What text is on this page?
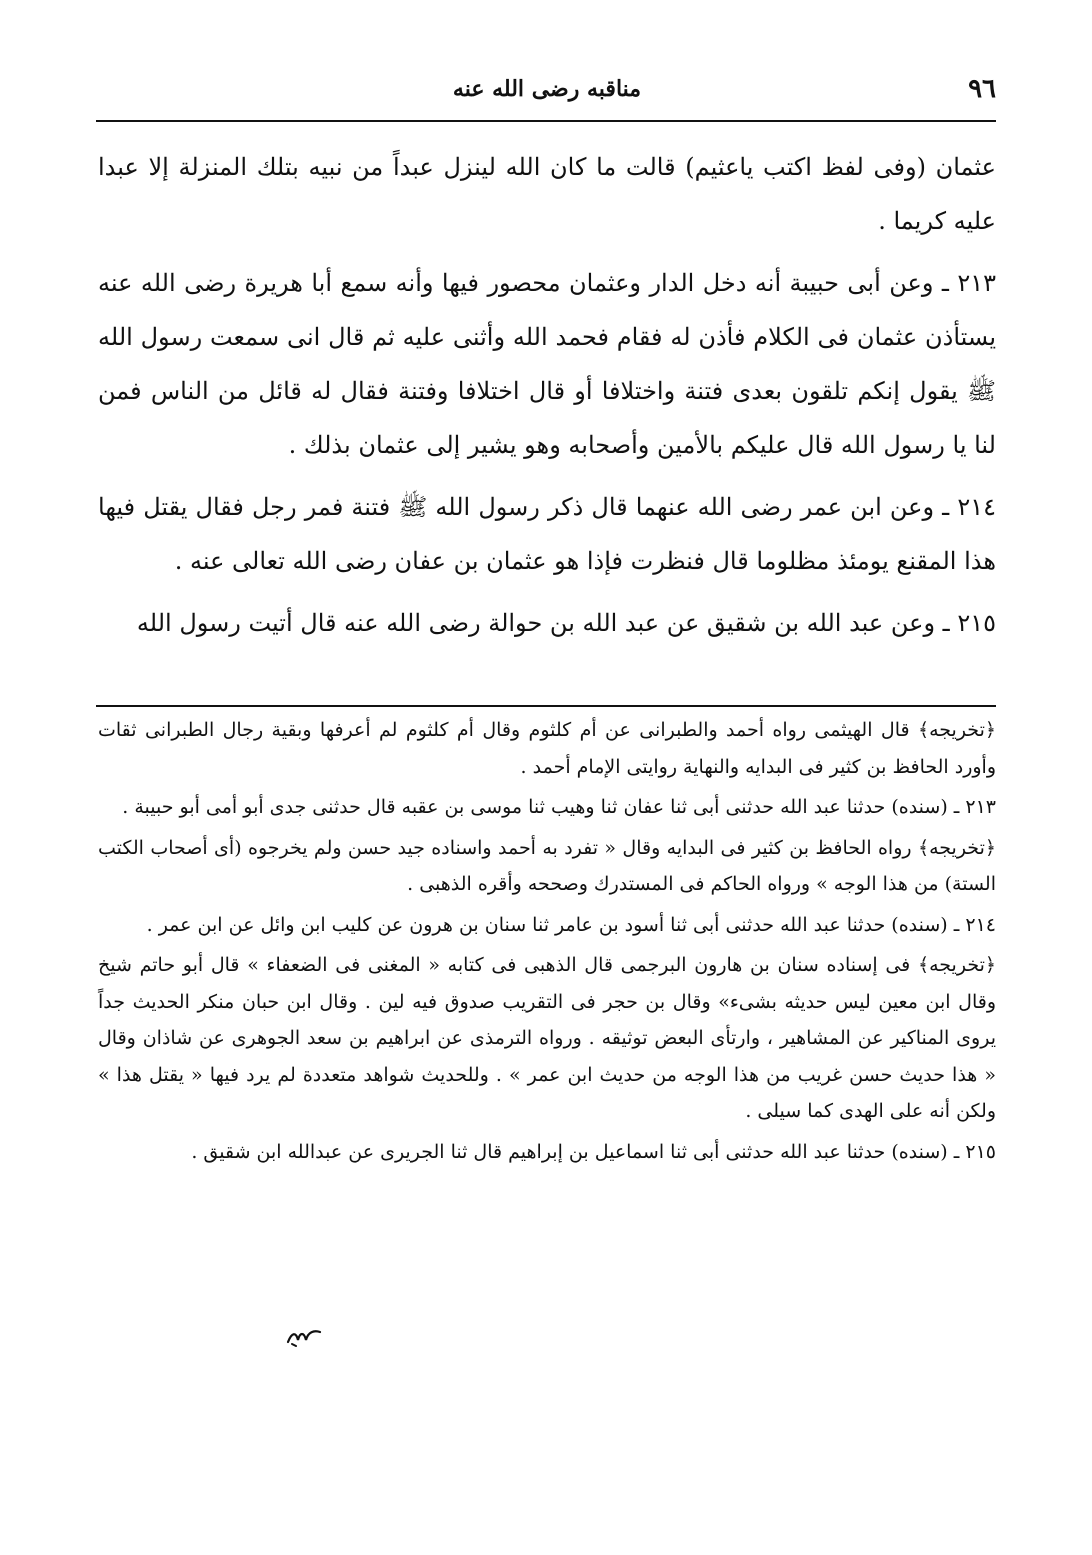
٩٦
مناقبه رضى الله عنه

عثمان (وفى لفظ اكتب ياعثيم) قالت ما كان الله لينزل عبداً من نبيه بتلك المنزلة إلا عبدا عليه كريما .

٢١٣ ـ وعن أبى حبيبة أنه دخل الدار وعثمان محصور فيها وأنه سمع أبا هريرة رضى الله عنه يستأذن عثمان فى الكلام فأذن له فقام فحمد الله وأثنى عليه ثم قال انى سمعت رسول الله ﷺ يقول إنكم تلقون بعدى فتنة واختلافا أو قال اختلافا وفتنة فقال له قائل من الناس فمن لنا يا رسول الله قال عليكم بالأمين وأصحابه وهو يشير إلى عثمان بذلك .

٢١٤ ـ وعن ابن عمر رضى الله عنهما قال ذكر رسول الله ﷺ فتنة فمر رجل فقال يقتل فيها هذا المقنع يومئذ مظلوما قال فنظرت فإذا هو عثمان بن عفان رضى الله تعالى عنه .

٢١٥ ـ وعن عبد الله بن شقيق عن عبد الله بن حوالة رضى الله عنه قال أتيت رسول الله

﴿تخريجه﴾ قال الهيثمى رواه أحمد والطبرانى عن أم كلثوم وقال أم كلثوم لم أعرفها وبقية رجال الطبرانى ثقات وأورد الحافظ بن كثير فى البدايه والنهاية روايتى الإمام أحمد .

٢١٣ ـ (سنده) حدثنا عبد الله حدثنى أبى ثنا عفان ثنا وهيب ثنا موسى بن عقبه قال حدثنى جدى أبو أمى أبو حبيبة .

﴿تخريجه﴾ رواه الحافظ بن كثير فى البدايه وقال « تفرد به أحمد واسناده جيد حسن ولم يخرجوه (أى أصحاب الكتب الستة) من هذا الوجه » ورواه الحاكم فى المستدرك وصححه وأقره الذهبى .

٢١٤ ـ (سنده) حدثنا عبد الله حدثنى أبى ثنا أسود بن عامر ثنا سنان بن هرون عن كليب ابن وائل عن ابن عمر .

﴿تخريجه﴾ فى إسناده سنان بن هارون البرجمى قال الذهبى فى كتابه « المغنى فى الضعفاء » قال أبو حاتم شيخ وقال ابن معين ليس حديثه بشىء» وقال بن حجر فى التقريب صدوق فيه لين . وقال ابن حبان منكر الحديث جداً يروى المناكير عن المشاهير ، وارتأى البعض توثيقه . ورواه الترمذى عن ابراهيم بن سعد الجوهرى عن شاذان وقال « هذا حديث حسن غريب من هذا الوجه من حديث ابن عمر » . وللحديث شواهد متعددة لم يرد فيها « يقتل هذا » ولكن أنه على الهدى كما سيلى .

٢١٥ ـ (سنده) حدثنا عبد الله حدثنى أبى ثنا اسماعيل بن إبراهيم قال ثنا الجريرى عن عبدالله ابن شقيق .
